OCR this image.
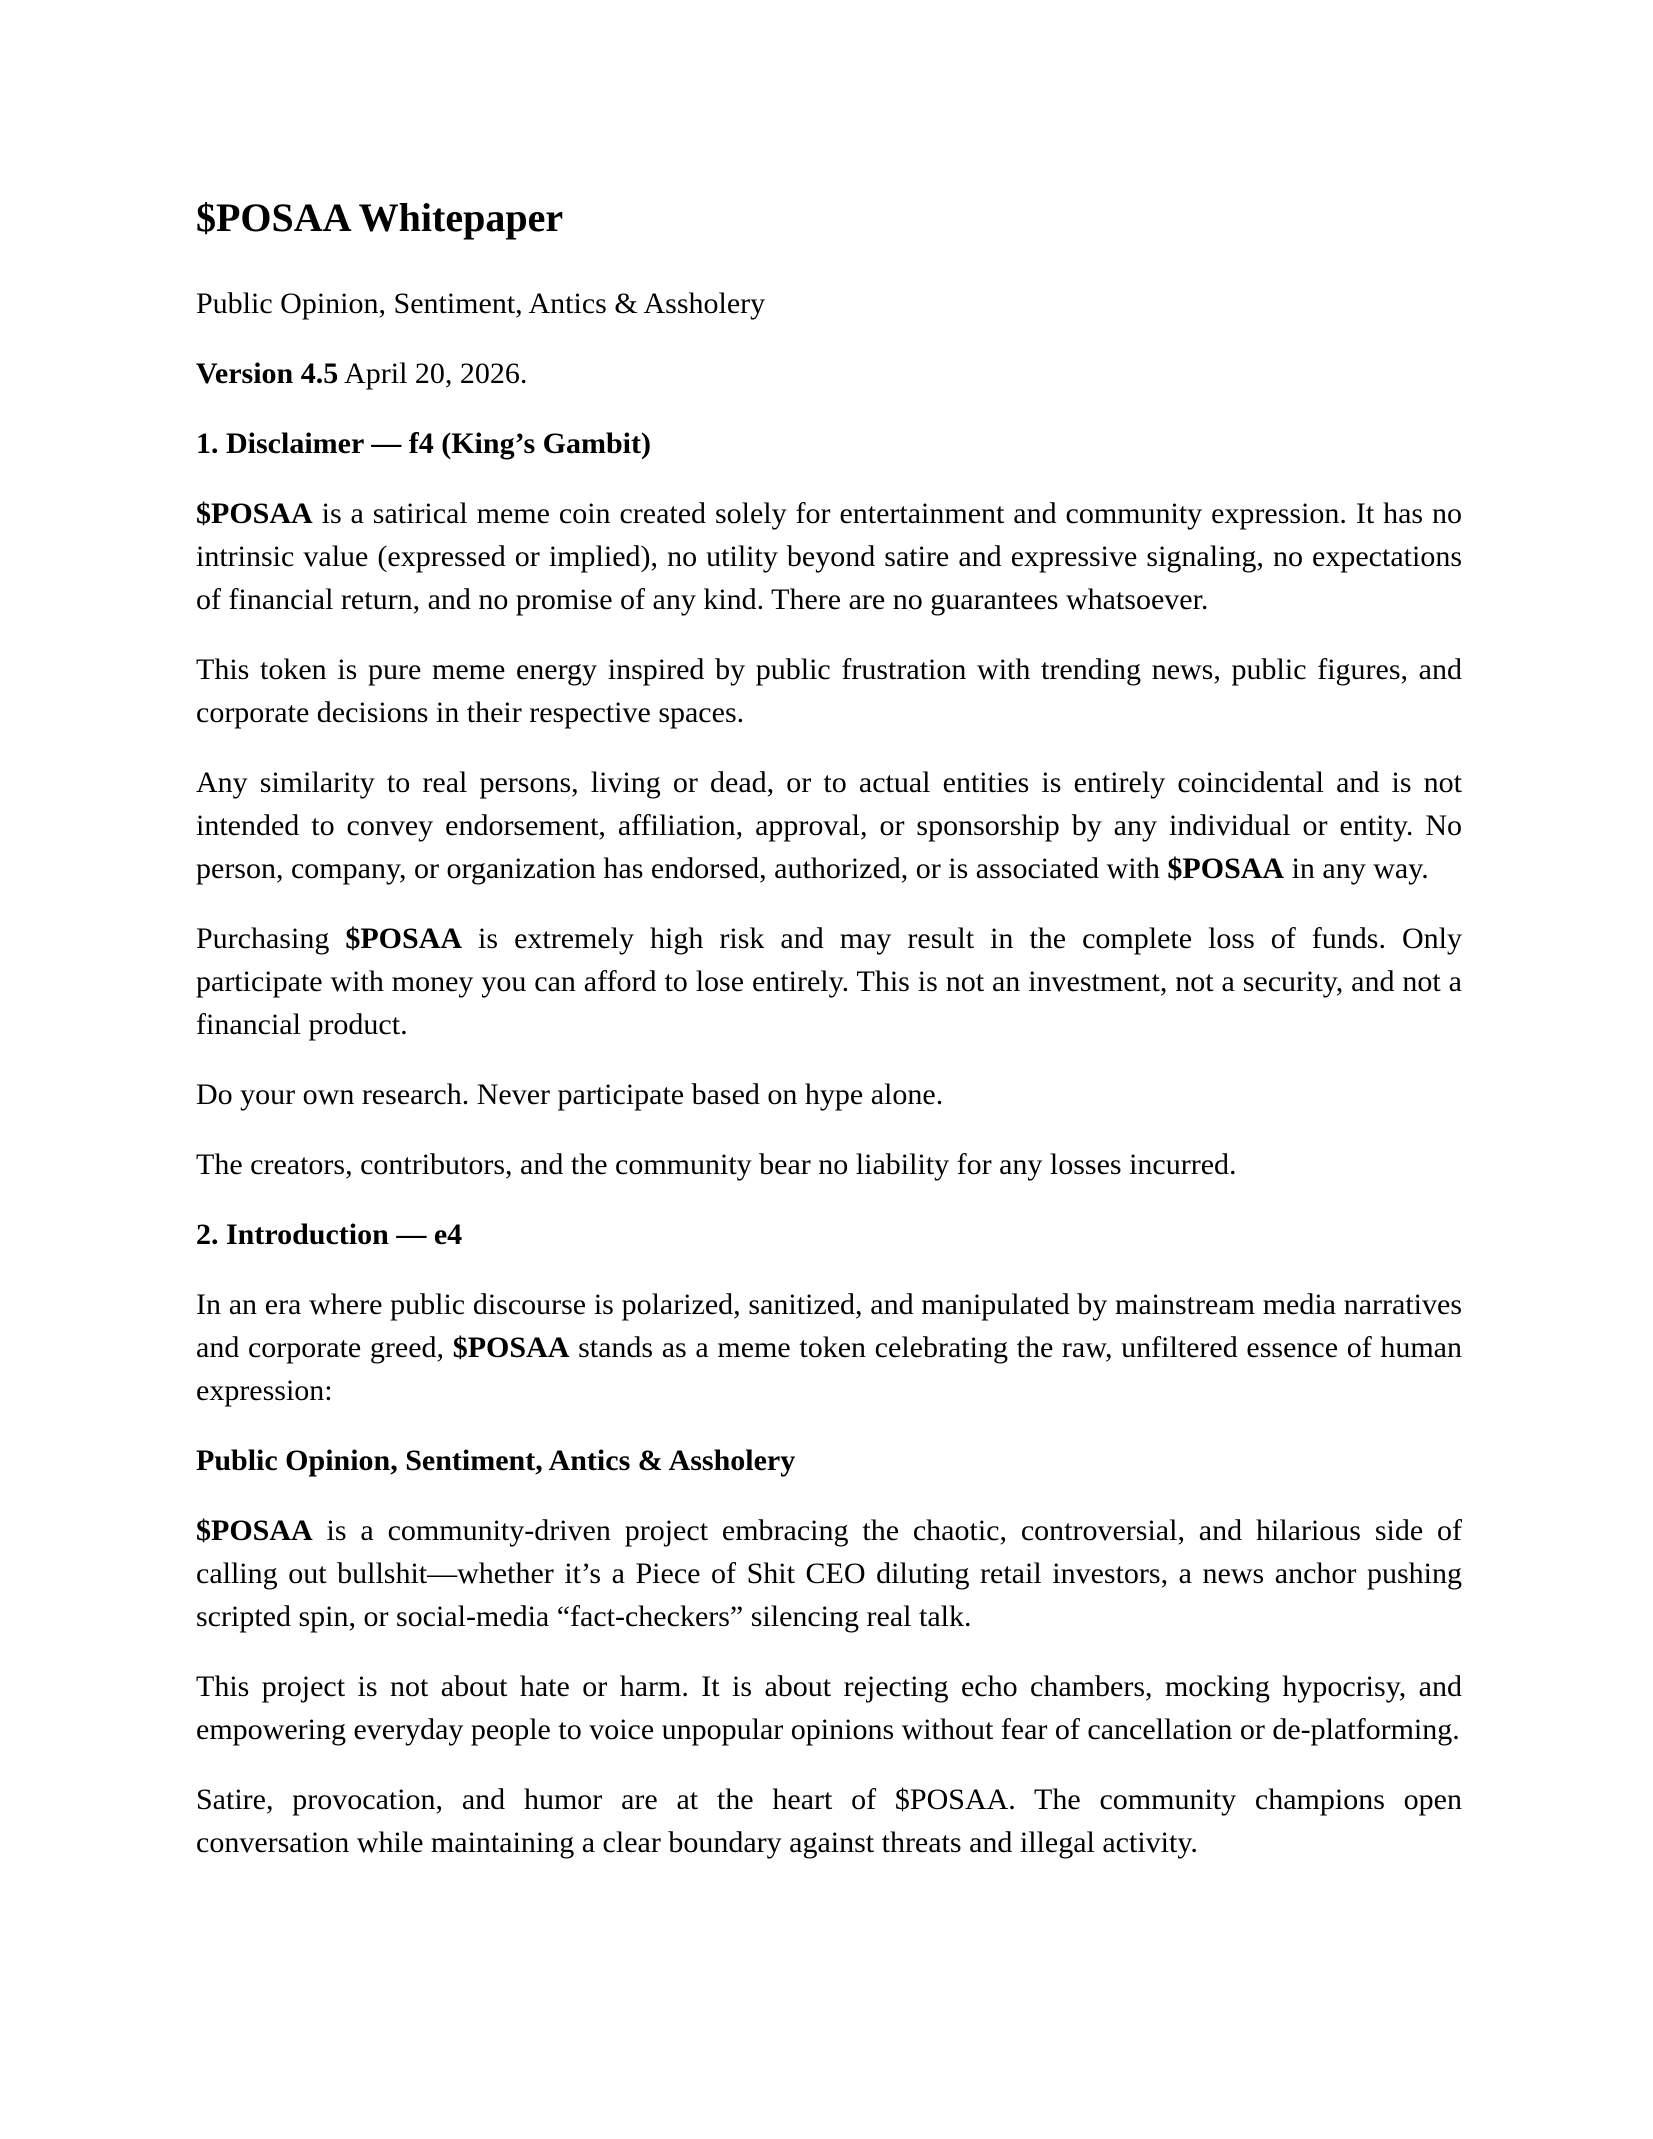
$POSAA Whitepaper

Public Opinion, Sentiment, Antics & Assholery

Version 4.5 April 20, 2026.

1. Disclaimer — f4 (King’s Gambit)

$POSAA is a satirical meme coin created solely for entertainment and community expression. It has no intrinsic value (expressed or implied), no utility beyond satire and expressive signaling, no expectations of financial return, and no promise of any kind. There are no guarantees whatsoever.

This token is pure meme energy inspired by public frustration with trending news, public figures, and corporate decisions in their respective spaces.

Any similarity to real persons, living or dead, or to actual entities is entirely coincidental and is not intended to convey endorsement, affiliation, approval, or sponsorship by any individual or entity. No person, company, or organization has endorsed, authorized, or is associated with $POSAA in any way.

Purchasing $POSAA is extremely high risk and may result in the complete loss of funds. Only participate with money you can afford to lose entirely. This is not an investment, not a security, and not a financial product.

Do your own research. Never participate based on hype alone.

The creators, contributors, and the community bear no liability for any losses incurred.

2. Introduction — e4

In an era where public discourse is polarized, sanitized, and manipulated by mainstream media narratives and corporate greed, $POSAA stands as a meme token celebrating the raw, unfiltered essence of human expression:

Public Opinion, Sentiment, Antics & Assholery

$POSAA is a community-driven project embracing the chaotic, controversial, and hilarious side of calling out bullshit—whether it’s a Piece of Shit CEO diluting retail investors, a news anchor pushing scripted spin, or social-media “fact-checkers” silencing real talk.

This project is not about hate or harm. It is about rejecting echo chambers, mocking hypocrisy, and empowering everyday people to voice unpopular opinions without fear of cancellation or de-platforming.

Satire, provocation, and humor are at the heart of $POSAA. The community champions open conversation while maintaining a clear boundary against threats and illegal activity.
